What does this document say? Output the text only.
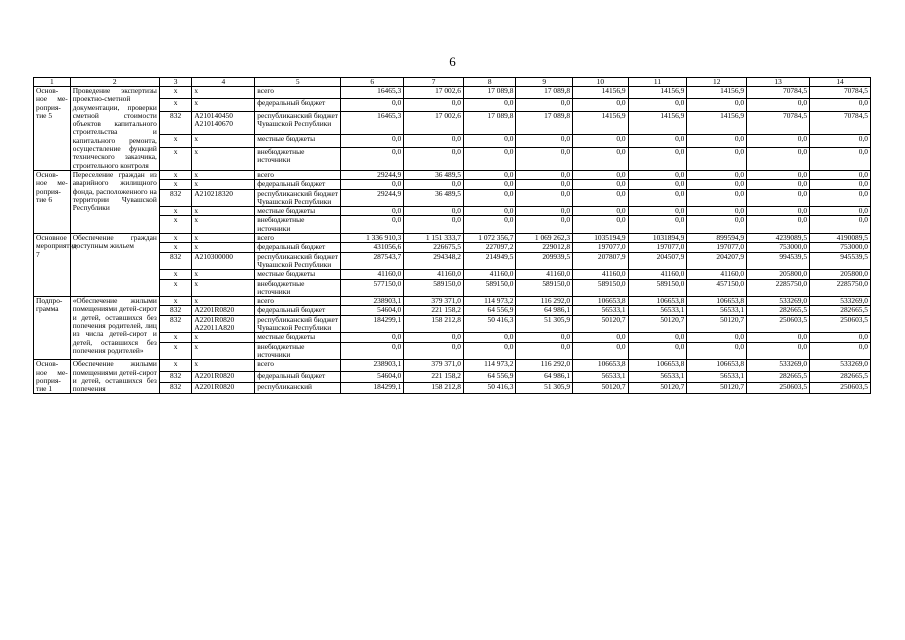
6
1	2	3	4	5	6	7	8	9	10	11	12	13	14
Основ-ное ме-роприя-тие 5	Проведение экспертизы проектно-сметной документации, проверки сметной стоимости объектов капитального строительства и капитального ремонта, осуществление функций технического заказчика, строительного контроля	х	х	всего	16465,3	17 002,6	17 089,8	17 089,8	14156,9	14156,9	14156,9	70784,5	70784,5
		х	х	федеральный бюджет	0,0	0,0	0,0	0,0	0,0	0,0	0,0	0,0	0,0
		832	А210140450 А210140670	республиканский бюджет Чувашской Республики	16465,3	17 002,6	17 089,8	17 089,8	14156,9	14156,9	14156,9	70784,5	70784,5
		х	х	местные бюджеты	0,0	0,0	0,0	0,0	0,0	0,0	0,0	0,0	0,0
		х	х	внебюджетные источники	0,0	0,0	0,0	0,0	0,0	0,0	0,0	0,0	0,0
Основ-ное ме-роприя-тие 6	Переселение граждан из аварийного жилищного фонда, расположенного на территории Чувашской Республики	х	х	всего	29244,9	36 489,5	0,0	0,0	0,0	0,0	0,0	0,0	0,0
		х	х	федеральный бюджет	0,0	0,0	0,0	0,0	0,0	0,0	0,0	0,0	0,0
		832	А210218320	республиканский бюджет Чувашской Республики	29244,9	36 489,5	0,0	0,0	0,0	0,0	0,0	0,0	0,0
		х	х	местные бюджеты	0,0	0,0	0,0	0,0	0,0	0,0	0,0	0,0	0,0
		х	х	внебюджетные источники	0,0	0,0	0,0	0,0	0,0	0,0	0,0	0,0	0,0
Основное мероприятие 7	Обеспечение граждан доступным жильем	х	х	всего	1 336 910,3	1 151 333,7	1 072 356,7	1 069 262,3	1035194,9	1031894,9	899594,9	4239089,5	4190089,5
		х	х	федеральный бюджет	431056,6	226675,5	227097,2	229012,8	197077,0	197077,0	197077,0	753000,0	753000,0
		832	А210300000	республиканский бюджет Чувашской Республики	287543,7	294348,2	214949,5	209939,5	207807,9	204507,9	204207,9	994539,5	945539,5
		х	х	местные бюджеты	41160,0	41160,0	41160,0	41160,0	41160,0	41160,0	41160,0	205800,0	205800,0
		х	х	внебюджетные источники	577150,0	589150,0	589150,0	589150,0	589150,0	589150,0	457150,0	2285750,0	2285750,0
Подпро-грамма	«Обеспечение жилыми помещениями детей-сирот и детей, оставшихся без попечения родителей, лиц из числа детей-сирот и детей, оставшихся без попечения родителей»	х	х	всего	238903,1	379 371,0	114 973,2	116 292,0	106653,8	106653,8	106653,8	533269,0	533269,0
		832	А2201R0820	федеральный бюджет	54604,0	221 158,2	64 556,9	64 986,1	56533,1	56533,1	56533,1	282665,5	282665,5
		832	А2201R0820 А22011А820	республиканский бюджет Чувашской Республики	184299,1	158 212,8	50 416,3	51 305,9	50120,7	50120,7	50120,7	250603,5	250603,5
		х	х	местные бюджеты	0,0	0,0	0,0	0,0	0,0	0,0	0,0	0,0	0,0
		х	х	внебюджетные источники	0,0	0,0	0,0	0,0	0,0	0,0	0,0	0,0	0,0
Основ-ное ме-роприя-тие 1	Обеспечение жилыми помещениями детей-сирот и детей, оставшихся без попечения	х	х	всего	238903,1	379 371,0	114 973,2	116 292,0	106653,8	106653,8	106653,8	533269,0	533269,0
		832	А2201R0820	федеральный бюджет	54604,0	221 158,2	64 556,9	64 986,1	56533,1	56533,1	56533,1	282665,5	282665,5
		832	А2201R0820	республиканский	184299,1	158 212,8	50 416,3	51 305,9	50120,7	50120,7	50120,7	250603,5	250603,5
